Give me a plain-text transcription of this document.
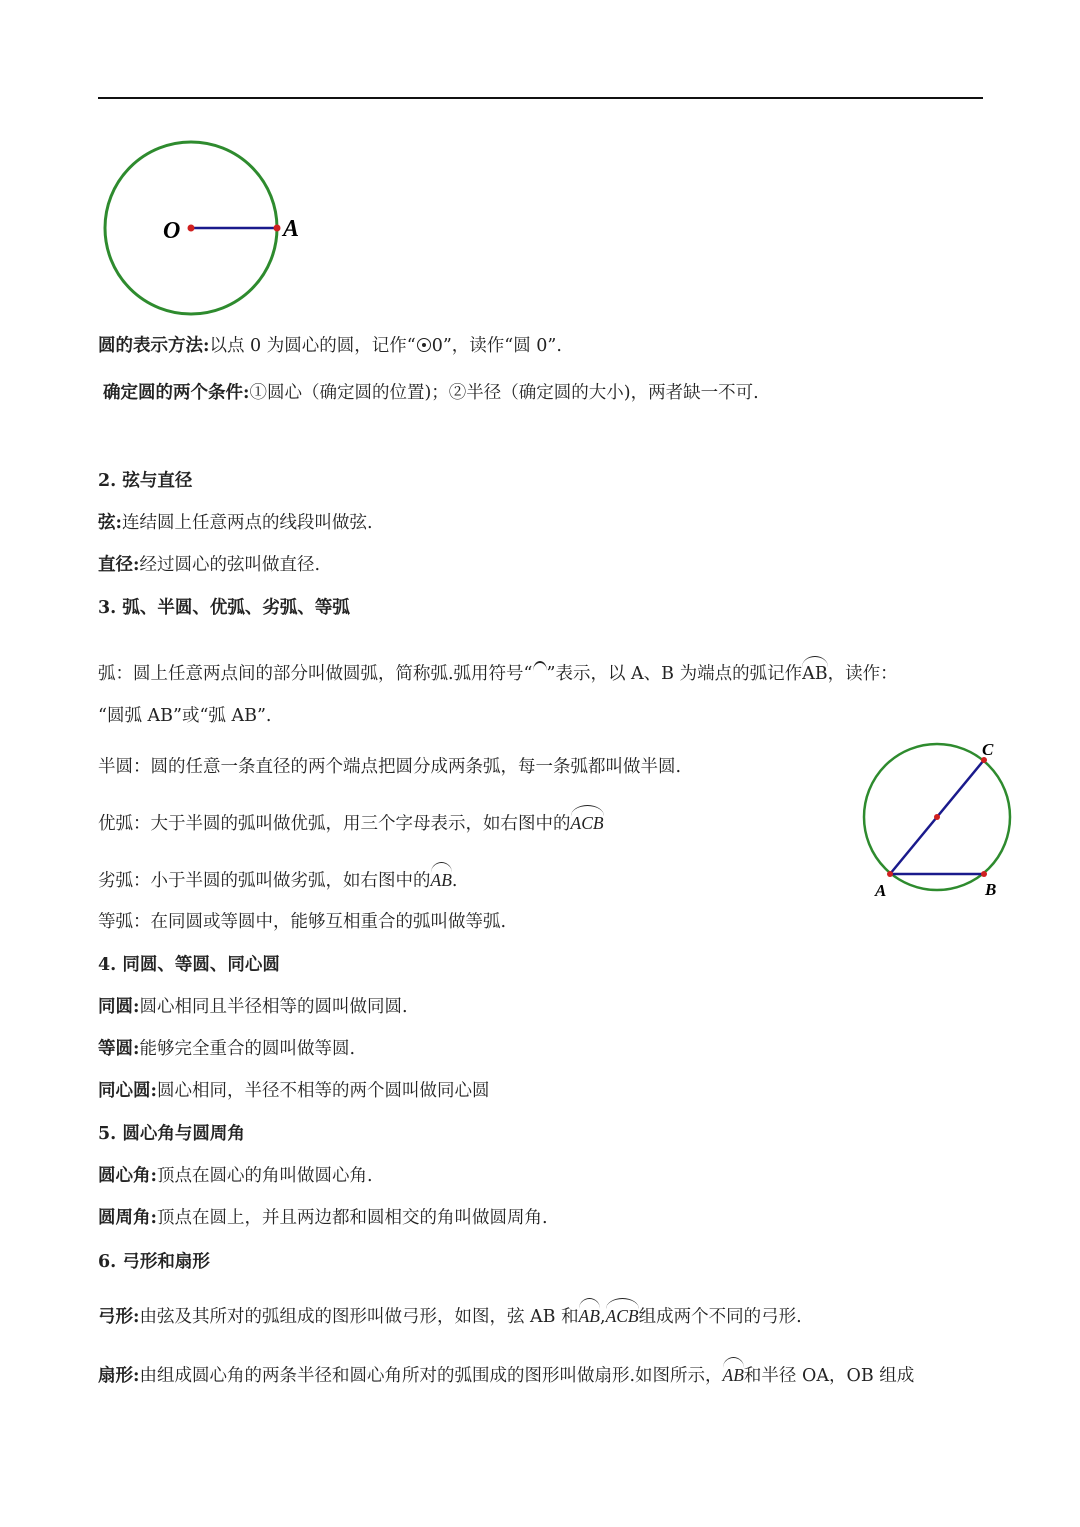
O	A
A	B
C
圆的表示方法:以点 0 为圆心的圆，记作“ 0”，读作“圆 0”.
确定圆的两个条件:①圆心（确定圆的位置)；②半径（确定圆的大小)，两者缺一不可.
2. 弦与直径
弦:连结圆上任意两点的线段叫做弦.
直径:经过圆心的弦叫做直径.
3. 弧、半圆、优弧、劣弧、等弧
弧：圆上任意两点间的部分叫做圆弧，简称弧.弧用符号“ ”表示，以 A、B 为端点的弧记作AB，读作：
“圆弧 AB”或“弧 AB”.
半圆：圆的任意一条直径的两个端点把圆分成两条弧，每一条弧都叫做半圆.
优弧：大于半圆的弧叫做优弧，用三个字母表示，如右图中的ACB
劣弧：小于半圆的弧叫做劣弧，如右图中的AB.
等弧：在同圆或等圆中，能够互相重合的弧叫做等弧.
4. 同圆、等圆、同心圆
同圆:圆心相同且半径相等的圆叫做同圆.
等圆:能够完全重合的圆叫做等圆.
同心圆:圆心相同，半径不相等的两个圆叫做同心圆
5. 圆心角与圆周角
圆心角:顶点在圆心的角叫做圆心角.
圆周角:顶点在圆上，并且两边都和圆相交的角叫做圆周角.
6. 弓形和扇形
弓形:由弦及其所对的弧组成的图形叫做弓形，如图，弦 AB 和AB,ACB组成两个不同的弓形.
扇形:由组成圆心角的两条半径和圆心角所对的弧围成的图形叫做扇形.如图所示，AB和半径 OA，OB 组成
